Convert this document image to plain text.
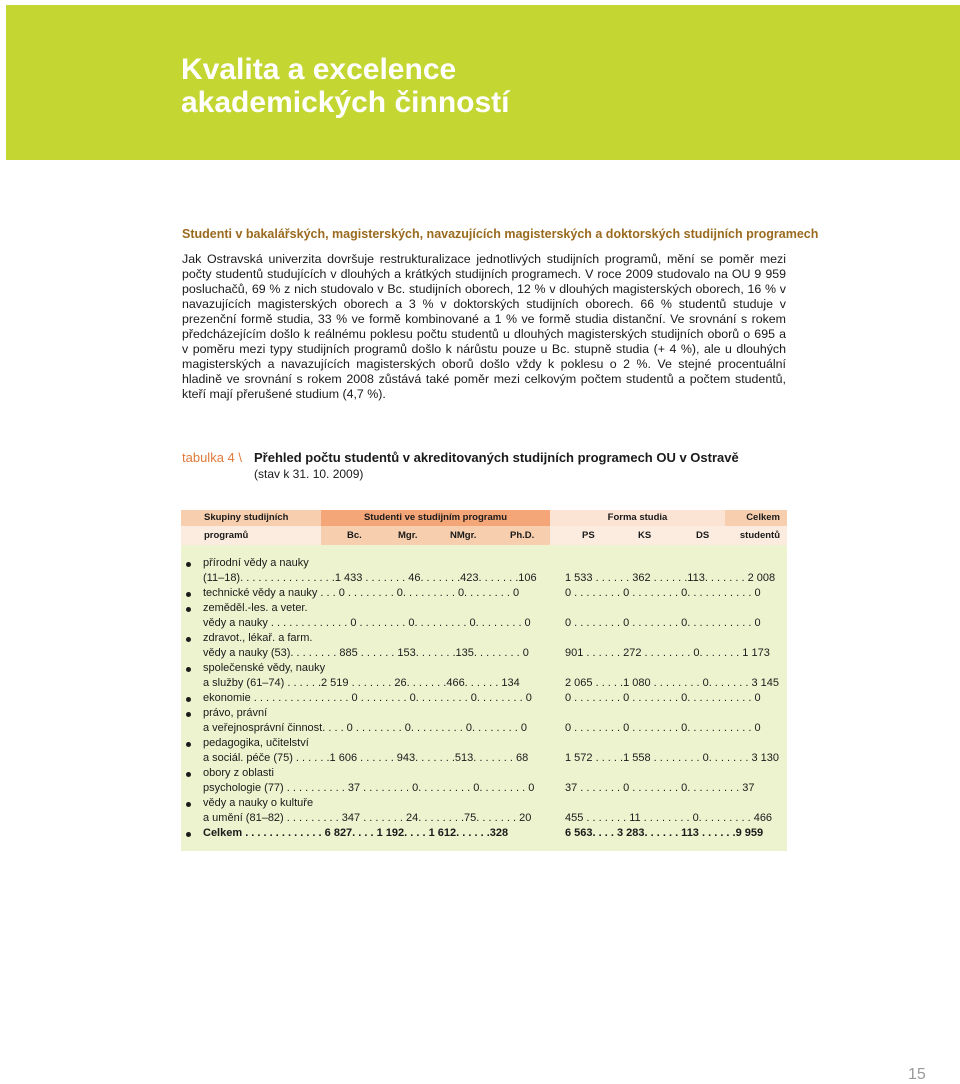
Kvalita a excelence
akademických činností
Studenti v bakalářských, magisterských, navazujících magisterských a doktorských studijních programech

Jak Ostravská univerzita dovršuje restrukturalizace jednotlivých studijních programů, mění se poměr mezi počty studentů studujících v dlouhých a krátkých studijních programech. V roce 2009 studovalo na OU 9 959 posluchačů, 69 % z nich studovalo v Bc. studijních oborech, 12 % v dlouhých magisterských oborech, 16 % v navazujících magisterských oborech a 3 % v doktorských studijních oborech. 66 % studentů studuje v prezenční formě studia, 33 % ve formě kombinované a 1 % ve formě studia distanční. Ve srovnání s rokem předcházejícím došlo k reálnému poklesu počtu studentů u dlouhých magisterských studijních oborů o 695 a v poměru mezi typy studijních programů došlo k nárůstu pouze u Bc. stupně studia (+ 4 %), ale u dlouhých magisterských a navazujících magisterských oborů došlo vždy k poklesu o 2 %. Ve stejné procentuální hladině ve srovnání s rokem 2008 zůstává také poměr mezi celkovým počtem studentů a počtem studentů, kteří mají přerušené studium (4,7 %).

tabulka 4 \ Přehled počtu studentů v akreditovaných studijních programech OU v Ostravě
(stav k 31. 10. 2009)
Skupiny studijních	Studenti ve studijním programu	Forma studia	Celkem
programů	Bc.	Mgr.	NMgr.	Ph.D.	PS	KS	DS	studentů
přírodní vědy a nauky
(11–18). . . . . . . . . . . . . . . .1 433 . . . . . . . 46. . . . . . .423. . . . . . .106	1 533 . . . . . . 362 . . . . . .113. . . . . . . 2 008
technické vědy a nauky . . . 0 . . . . . . . . 0. . . . . . . . . 0. . . . . . . . 0	0 . . . . . . . . 0 . . . . . . . . 0. . . . . . . . . . . 0
zeměděl.-les. a veter.
vědy a nauky . . . . . . . . . . . . . 0 . . . . . . . . 0. . . . . . . . . 0. . . . . . . . 0	0 . . . . . . . . 0 . . . . . . . . 0. . . . . . . . . . . 0
zdravot., lékař. a farm.
vědy a nauky (53). . . . . . . . 885 . . . . . . 153. . . . . . .135. . . . . . . . 0	901 . . . . . . 272 . . . . . . . . 0. . . . . . . 1 173
společenské vědy, nauky
a služby (61–74) . . . . . .2 519 . . . . . . . 26. . . . . . .466. . . . . . 134	2 065 . . . . .1 080 . . . . . . . . 0. . . . . . . 3 145
ekonomie . . . . . . . . . . . . . . . . 0 . . . . . . . . 0. . . . . . . . . 0. . . . . . . . 0	0 . . . . . . . . 0 . . . . . . . . 0. . . . . . . . . . . 0
právo, právní
a veřejnosprávní činnost. . . . 0 . . . . . . . . 0. . . . . . . . . 0. . . . . . . . 0	0 . . . . . . . . 0 . . . . . . . . 0. . . . . . . . . . . 0
pedagogika, učitelství
a sociál. péče (75) . . . . . .1 606 . . . . . . 943. . . . . . .513. . . . . . . 68	1 572 . . . . .1 558 . . . . . . . . 0. . . . . . . 3 130
obory z oblasti
psychologie (77) . . . . . . . . . . 37 . . . . . . . . 0. . . . . . . . . 0. . . . . . . . 0	37 . . . . . . . 0 . . . . . . . . 0. . . . . . . . . 37
vědy a nauky o kultuře
a umění (81–82) . . . . . . . . . 347 . . . . . . . 24. . . . . . . .75. . . . . . . 20	455 . . . . . . . 11 . . . . . . . . 0. . . . . . . . . 466
Celkem . . . . . . . . . . . . . 6 827. . . . 1 192. . . . 1 612. . . . . .328	6 563. . . . 3 283. . . . . . 113 . . . . . .9 959
15
